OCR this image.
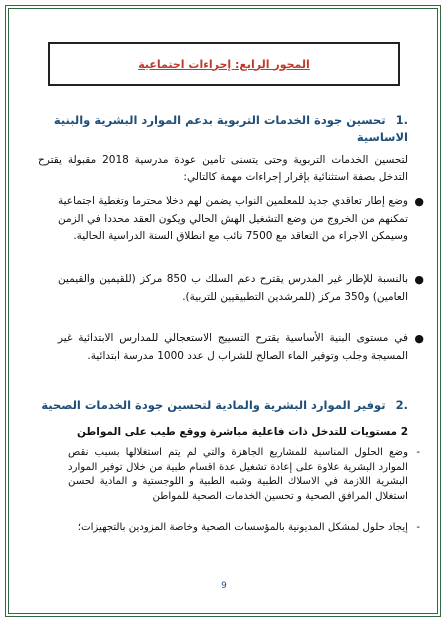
المحور الرابع: إجراءات اجتماعية
.1 تحسين جودة الخدمات التربوية بدعم الموارد البشرية والبنية الاساسية
لتحسين الخدمات التربوية وحتى يتسنى تامين عودة مدرسية 2018 مقبولة يقترح التدخل بصفة استثنائية بإقرار إجراءات مهمة كالتالي:
●
وضع إطار تعاقدي جديد للمعلمين النواب يضمن لهم دخلا محترما وتغطية اجتماعية تمكنهم من الخروج من وضع التشغيل الهش الحالي ويكون العقد محددا في الزمن وسيمكن الاجراء من التعاقد مع 7500 نائب مع انطلاق السنة الدراسية الحالية.
●
بالنسبة للإطار غير المدرس يقترح دعم السلك ب 850 مركز (للقيمين والقيمين العامين) و350 مركز (للمرشدين التطبيقيين للتربية).
●
في مستوى البنية الأساسية يقترح التسييج الاستعجالي للمدارس الابتدائية غير المسيجة وجلب وتوفير الماء الصالح للشراب ل عدد 1000 مدرسة ابتدائية.
.2 توفير الموارد البشرية والمادية لتحسين جودة الخدمات الصحية
2 مستويات للتدخل ذات فاعلية مباشرة ووقع طيب على المواطن
-
وضع الحلول المناسبة للمشاريع الجاهزة والتي لم يتم استغلالها بسبب نقص الموارد البشرية علاوة على إعادة تشغيل عدة اقسام طبية من خلال توفير الموارد البشرية اللازمة في الاسلاك الطبية وشبه الطبية و اللوجستية و المادية لحسن استغلال المرافق الصحية و تحسين الخدمات الصحية للمواطن
-
إيجاد حلول لمشكل المديونية بالمؤسسات الصحية وخاصة المزودين بالتجهيزات؛
9
